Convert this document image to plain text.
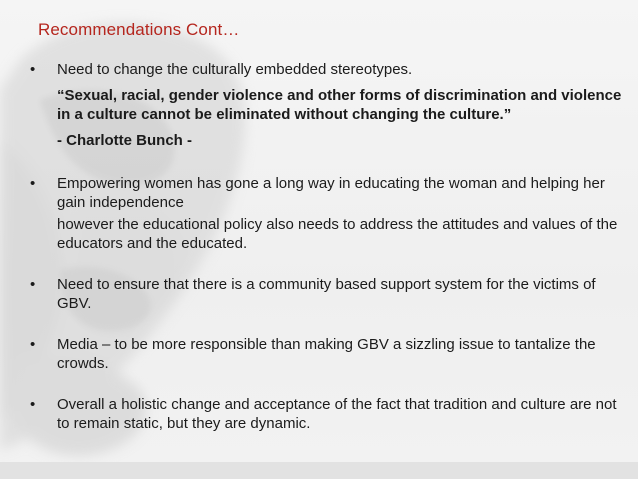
Recommendations Cont…
• Need to change the culturally embedded stereotypes.

“Sexual, racial, gender violence and other forms of discrimination and violence in a culture cannot be eliminated without changing the culture.”

- Charlotte Bunch -

• Empowering women has gone a long way in educating the woman and helping her gain independence

however the educational policy also needs to address the attitudes and values of the educators and the educated.

• Need to ensure that there is a community based support system for the victims of GBV.

• Media – to be more responsible than making GBV a sizzling issue to tantalize the crowds.

• Overall a holistic change and acceptance of the fact that tradition and culture are not to remain static, but they are dynamic.
